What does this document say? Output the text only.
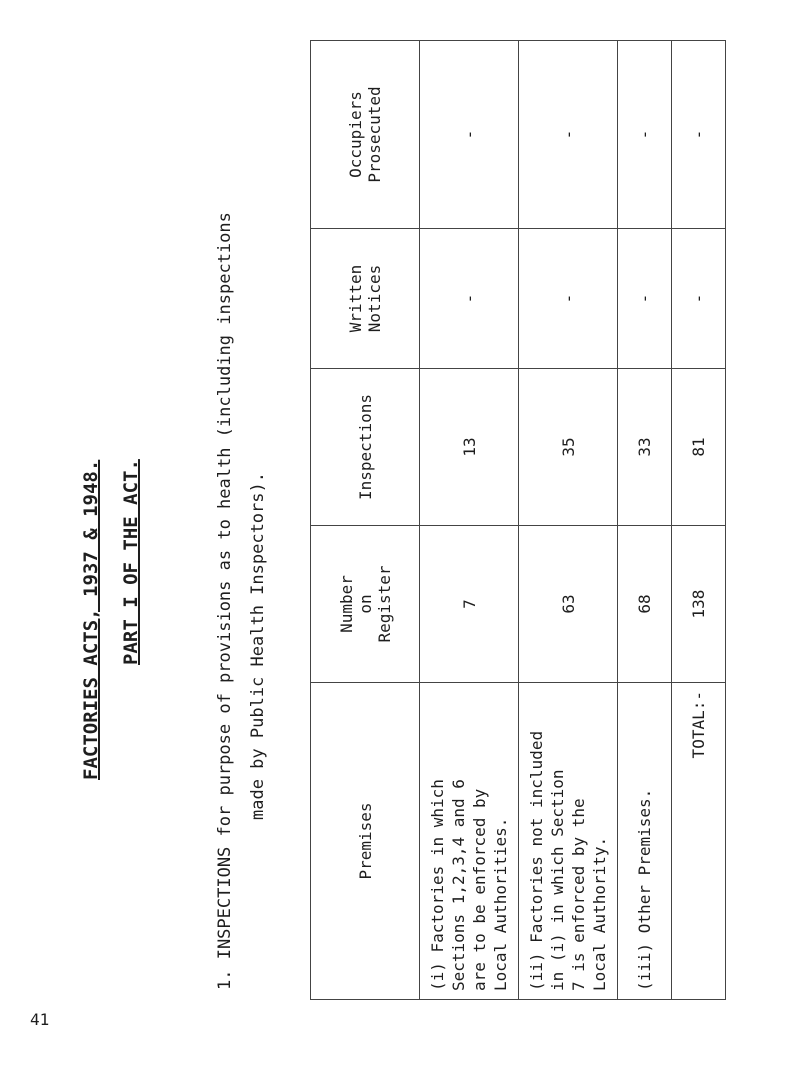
FACTORIES ACTS, 1937 & 1948. PART I OF THE ACT.	1. INSPECTIONS for purpose of provisions as to health (including inspections made by Public Health Inspectors).
Premises	Number on Register	Inspections	Written Notices	Occupiers Prosecuted

(i) Factories in which Sections 1,2,3,4 and 6 are to be enforced by Local Authorities.	7	13	-	-

(ii) Factories not included in (i) in which Section 7 is enforced by the Local Authority.	63	35	-	-

(iii) Other Premises.	68	33	-	-
TOTAL:-	138	81	-	-
41
